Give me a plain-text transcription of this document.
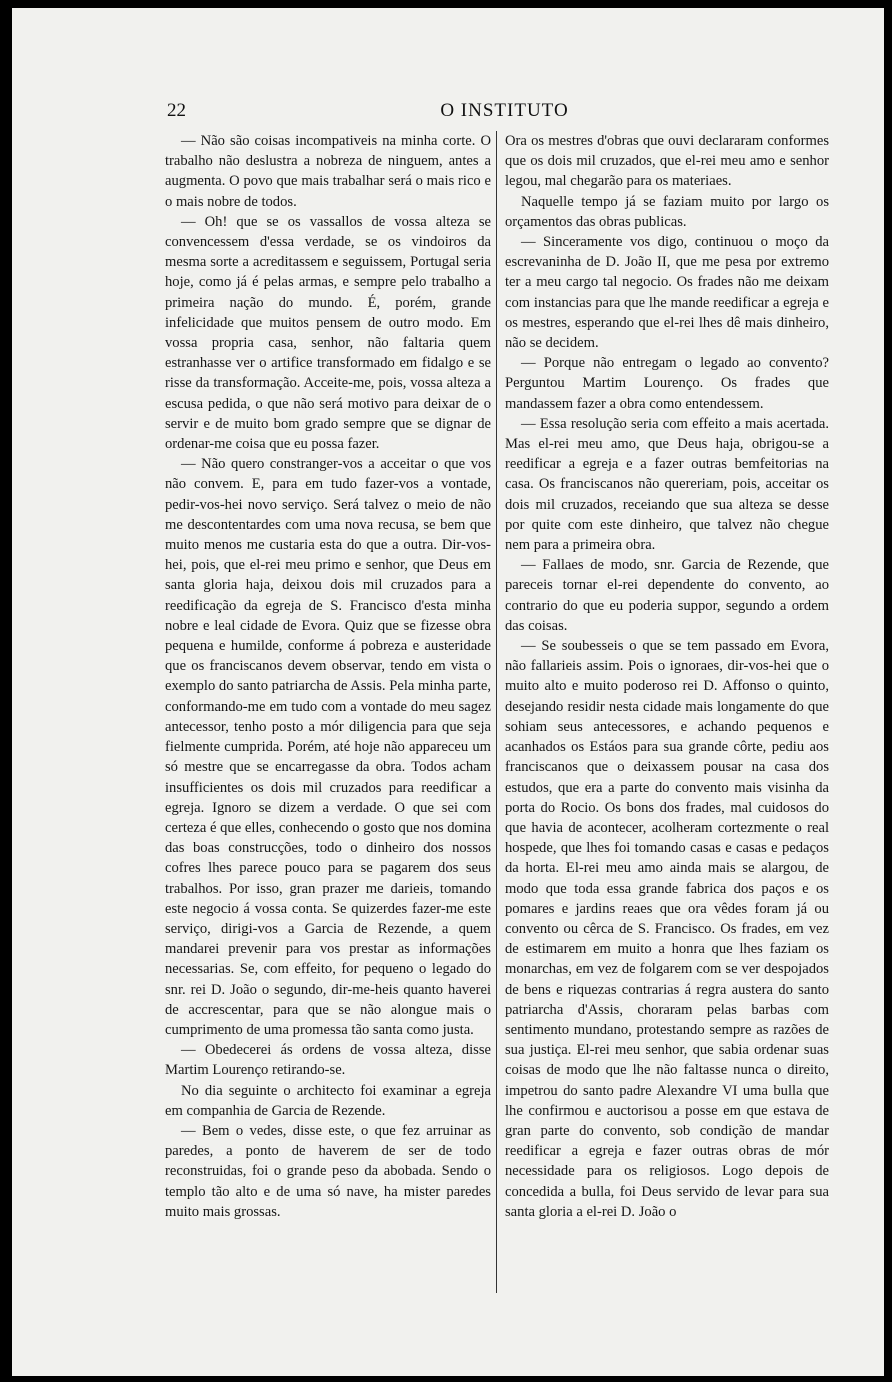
22	O INSTITUTO

— Não são coisas incompativeis na minha corte. O trabalho não deslustra a nobreza de ninguem, antes a augmenta. O povo que mais trabalhar será o mais rico e o mais nobre de todos.

— Oh! que se os vassallos de vossa alteza se convencessem d'essa verdade, se os vindoiros da mesma sorte a acreditassem e seguissem, Portugal seria hoje, como já é pelas armas, e sempre pelo trabalho a primeira nação do mundo. É, porém, grande infelicidade que muitos pensem de outro modo. Em vossa propria casa, senhor, não faltaria quem estranhasse ver o artifice transformado em fidalgo e se risse da transformação. Acceite-me, pois, vossa alteza a escusa pedida, o que não será motivo para deixar de o servir e de muito bom grado sempre que se dignar de ordenar-me coisa que eu possa fazer.

— Não quero constranger-vos a acceitar o que vos não convem. E, para em tudo fazer-vos a vontade, pedir-vos-hei novo serviço. Será talvez o meio de não me descontentardes com uma nova recusa, se bem que muito menos me custaria esta do que a outra. Dir-vos-hei, pois, que el-rei meu primo e senhor, que Deus em santa gloria haja, deixou dois mil cruzados para a reedificação da egreja de S. Francisco d'esta minha nobre e leal cidade de Evora. Quiz que se fizesse obra pequena e humilde, conforme á pobreza e austeridade que os franciscanos devem observar, tendo em vista o exemplo do santo patriarcha de Assis. Pela minha parte, conformando-me em tudo com a vontade do meu sagez antecessor, tenho posto a mór diligencia para que seja fielmente cumprida. Porém, até hoje não appareceu um só mestre que se encarregasse da obra. Todos acham insufficientes os dois mil cruzados para reedificar a egreja. Ignoro se dizem a verdade. O que sei com certeza é que elles, conhecendo o gosto que nos domina das boas construcções, todo o dinheiro dos nossos cofres lhes parece pouco para se pagarem dos seus trabalhos. Por isso, gran prazer me darieis, tomando este negocio á vossa conta. Se quizerdes fazer-me este serviço, dirigi-vos a Garcia de Rezende, a quem mandarei prevenir para vos prestar as informações necessarias. Se, com effeito, for pequeno o legado do snr. rei D. João o segundo, dir-me-heis quanto haverei de accrescentar, para que se não alongue mais o cumprimento de uma promessa tão santa como justa.

— Obedecerei ás ordens de vossa alteza, disse Martim Lourenço retirando-se.

No dia seguinte o architecto foi examinar a egreja em companhia de Garcia de Rezende.

— Bem o vedes, disse este, o que fez arruinar as paredes, a ponto de haverem de ser de todo reconstruidas, foi o grande peso da abobada. Sendo o templo tão alto e de uma só nave, ha mister paredes muito mais grossas.

Ora os mestres d'obras que ouvi declararam conformes que os dois mil cruzados, que el-rei meu amo e senhor legou, mal chegarão para os materiaes.

Naquelle tempo já se faziam muito por largo os orçamentos das obras publicas.

— Sinceramente vos digo, continuou o moço da escrevaninha de D. João II, que me pesa por extremo ter a meu cargo tal negocio. Os frades não me deixam com instancias para que lhe mande reedificar a egreja e os mestres, esperando que el-rei lhes dê mais dinheiro, não se decidem.

— Porque não entregam o legado ao convento? Perguntou Martim Lourenço. Os frades que mandassem fazer a obra como entendessem.

— Essa resolução seria com effeito a mais acertada. Mas el-rei meu amo, que Deus haja, obrigou-se a reedificar a egreja e a fazer outras bemfeitorias na casa. Os franciscanos não quereriam, pois, acceitar os dois mil cruzados, receiando que sua alteza se desse por quite com este dinheiro, que talvez não chegue nem para a primeira obra.

— Fallaes de modo, snr. Garcia de Rezende, que pareceis tornar el-rei dependente do convento, ao contrario do que eu poderia suppor, segundo a ordem das coisas.

— Se soubesseis o que se tem passado em Evora, não fallarieis assim. Pois o ignoraes, dir-vos-hei que o muito alto e muito poderoso rei D. Affonso o quinto, desejando residir nesta cidade mais longamente do que sohiam seus antecessores, e achando pequenos e acanhados os Estáos para sua grande côrte, pediu aos franciscanos que o deixassem pousar na casa dos estudos, que era a parte do convento mais visinha da porta do Rocio. Os bons dos frades, mal cuidosos do que havia de acontecer, acolheram cortezmente o real hospede, que lhes foi tomando casas e casas e pedaços da horta. El-rei meu amo ainda mais se alargou, de modo que toda essa grande fabrica dos paços e os pomares e jardins reaes que ora vêdes foram já ou convento ou cêrca de S. Francisco. Os frades, em vez de estimarem em muito a honra que lhes faziam os monarchas, em vez de folgarem com se ver despojados de bens e riquezas contrarias á regra austera do santo patriarcha d'Assis, choraram pelas barbas com sentimento mundano, protestando sempre as razões de sua justiça. El-rei meu senhor, que sabia ordenar suas coisas de modo que lhe não faltasse nunca o direito, impetrou do santo padre Alexandre VI uma bulla que lhe confirmou e auctorisou a posse em que estava de gran parte do convento, sob condição de mandar reedificar a egreja e fazer outras obras de mór necessidade para os religiosos. Logo depois de concedida a bulla, foi Deus servido de levar para sua santa gloria a el-rei D. João o
